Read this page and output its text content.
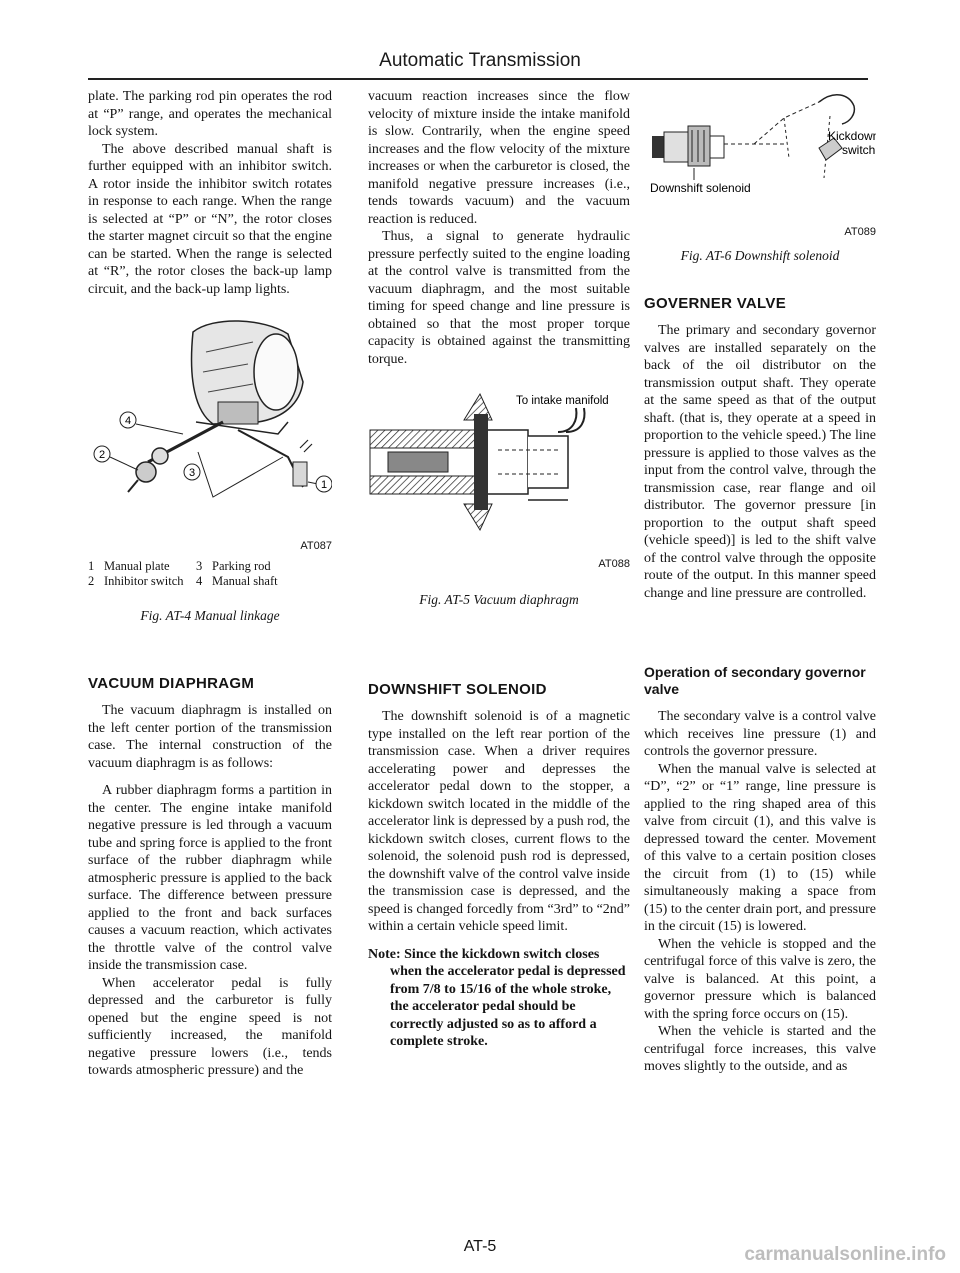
Automatic Transmission

plate. The parking rod pin operates the rod at “P” range, and operates the mechanical lock system.

The above described manual shaft is further equipped with an inhibitor switch. A rotor inside the inhibitor switch rotates in response to each range. When the range is selected at “P” or “N”, the rotor closes the starter magnet circuit so that the engine can be started. When the range is selected at “R”, the rotor closes the back-up lamp circuit, and the back-up lamp lights.

4
2
3
1
AT087
1 Manual plate	3 Parking rod
2 Inhibitor switch 4 Manual shaft
Fig. AT-4 Manual linkage
VACUUM DIAPHRAGM

The vacuum diaphragm is installed on the left center portion of the transmission case. The internal construction of the vacuum diaphragm is as follows:

A rubber diaphragm forms a partition in the center. The engine intake manifold negative pressure is led through a vacuum tube and spring force is applied to the front surface of the rubber diaphragm while atmospheric pressure is applied to the back surface. The difference between pressure applied to the front and back surfaces causes a vacuum reaction, which activates the throttle valve of the control valve inside the transmission case.

When accelerator pedal is fully depressed and the carburetor is fully opened but the engine speed is not sufficiently increased, the manifold negative pressure lowers (i.e., tends towards atmospheric pressure) and the

vacuum reaction increases since the flow velocity of mixture inside the intake manifold is slow. Contrarily, when the engine speed increases and the flow velocity of the mixture increases or when the carburetor is closed, the manifold negative pressure increases (i.e., tends towards vacuum) and the vacuum reaction is reduced.

Thus, a signal to generate hydraulic pressure perfectly suited to the engine loading at the control valve is transmitted from the vacuum diaphragm, and the most suitable timing for speed change and line pressure is obtained so that the most proper torque capacity is obtained against the transmitting torque.

To intake manifold
AT088
Fig. AT-5 Vacuum diaphragm
DOWNSHIFT SOLENOID

The downshift solenoid is of a magnetic type installed on the left rear portion of the transmission case. When a driver requires accelerating power and depresses the accelerator pedal down to the stopper, a kickdown switch located in the middle of the accelerator link is depressed by a push rod, the kickdown switch closes, current flows to the solenoid, the solenoid push rod is depressed, the downshift valve of the control valve inside the transmission case is depressed, and the speed is changed forcedly from “3rd” to “2nd” within a certain vehicle speed limit.

Note: Since the kickdown switch closes when the accelerator pedal is depressed from 7/8 to 15/16 of the whole stroke, the accelerator pedal should be correctly adjusted so as to afford a complete stroke.

Kickdown
switch
Downshift solenoid
AT089
Fig. AT-6 Downshift solenoid
GOVERNER VALVE

The primary and secondary governor valves are installed separately on the back of the oil distributor on the transmission output shaft. They operate at the same speed as that of the output shaft. (that is, they operate at a speed in proportion to the vehicle speed.) The line pressure is applied to those valves as the input from the control valve, through the transmission case, rear flange and oil distributor. The governor pressure [in proportion to the output shaft speed (vehicle speed)] is led to the shift valve of the control valve through the opposite route of the output. In this manner speed change and line pressure are controlled.

Operation of secondary governor valve

The secondary valve is a control valve which receives line pressure (1) and controls the governor pressure.

When the manual valve is selected at “D”, “2” or “1” range, line pressure is applied to the ring shaped area of this valve from circuit (1), and this valve is depressed toward the center. Movement of this valve to a certain position closes the circuit from (1) to (15) while simultaneously making a space from (15) to the center drain port, and pressure in the circuit (15) is lowered.

When the vehicle is stopped and the centrifugal force of this valve is zero, the valve is balanced. At this point, a governor pressure which is balanced with the spring force occurs on (15).

When the vehicle is started and the centrifugal force increases, this valve moves slightly to the outside, and as

AT-5	carmanualsonline.info
